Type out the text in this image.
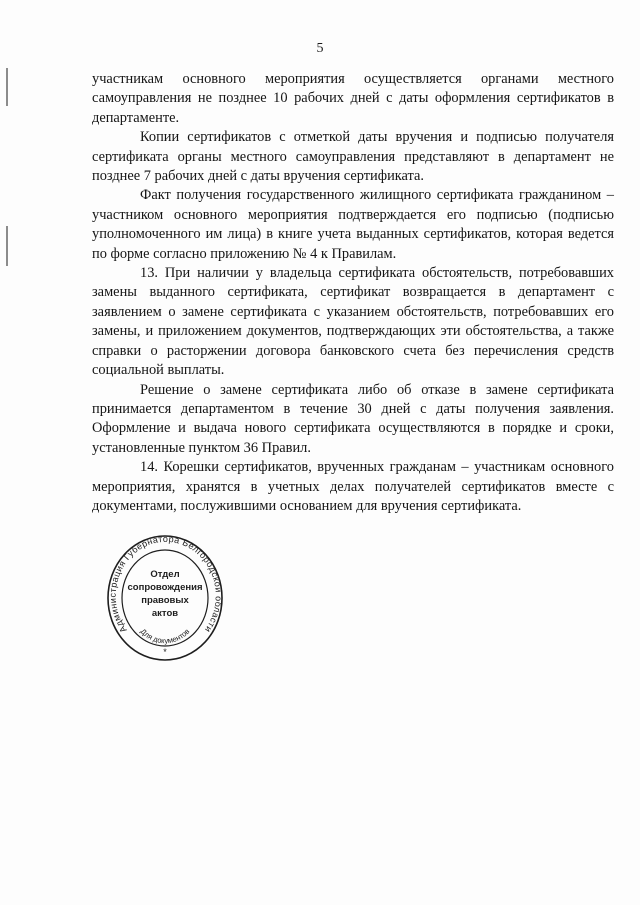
5

участникам основного мероприятия осуществляется органами местного самоуправления не позднее 10 рабочих дней с даты оформления сертификатов в департаменте.

Копии сертификатов с отметкой даты вручения и подписью получателя сертификата органы местного самоуправления представляют в департамент не позднее 7 рабочих дней с даты вручения сертификата.

Факт получения государственного жилищного сертификата гражданином – участником основного мероприятия подтверждается его подписью (подписью уполномоченного им лица) в книге учета выданных сертификатов, которая ведется по форме согласно приложению № 4 к Правилам.

13. При наличии у владельца сертификата обстоятельств, потребовавших замены выданного сертификата, сертификат возвращается в департамент с заявлением о замене сертификата с указанием обстоятельств, потребовавших его замены, и приложением документов, подтверждающих эти обстоятельства, а также справки о расторжении договора банковского счета без перечисления средств социальной выплаты.

Решение о замене сертификата либо об отказе в замене сертификата принимается департаментом в течение 30 дней с даты получения заявления. Оформление и выдача нового сертификата осуществляются в порядке и сроки, установленные пунктом 36 Правил.

14. Корешки сертификатов, врученных гражданам – участникам основного мероприятия, хранятся в учетных делах получателей сертификатов вместе с документами, послужившими основанием для вручения сертификата.

Администрация Губернатора Белгородской области
Отдел
сопровождения
правовых
актов
Для документов
*
